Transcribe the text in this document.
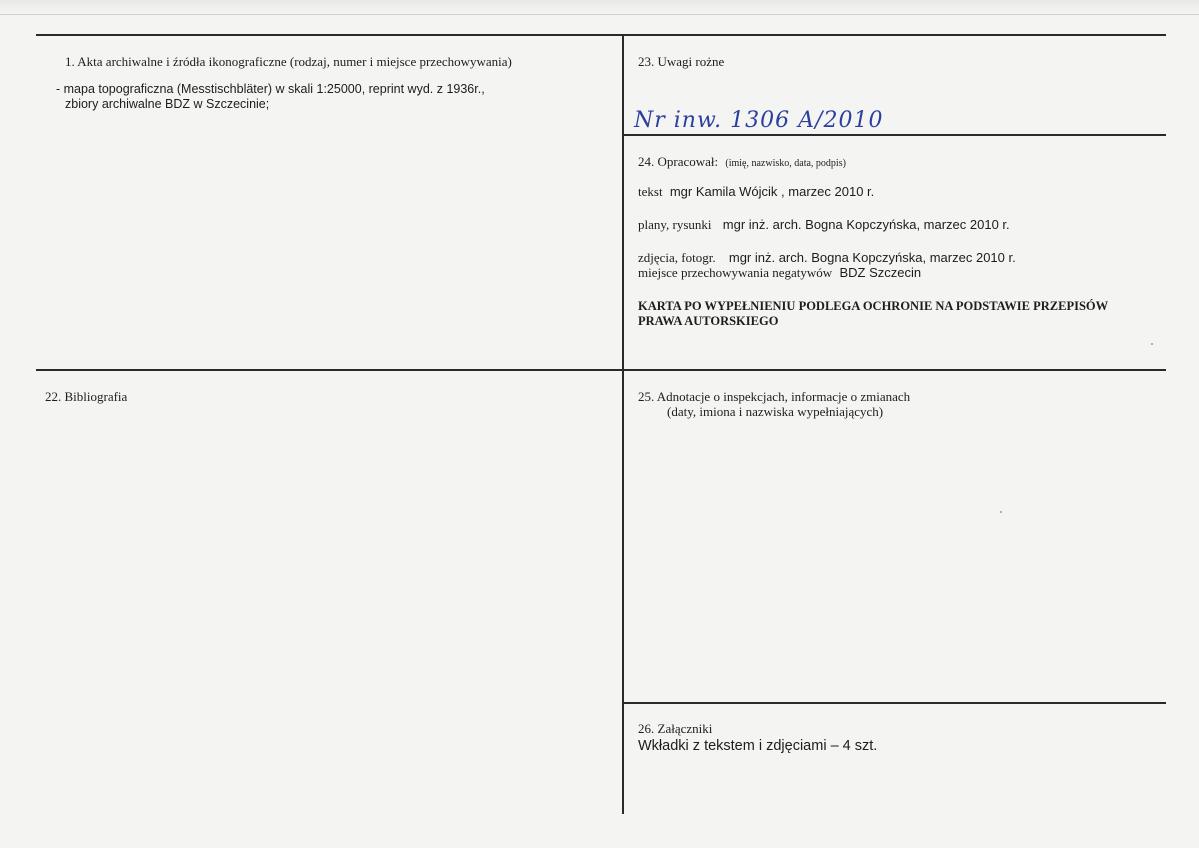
1. Akta archiwalne i źródła ikonograficzne (rodzaj, numer i miejsce przechowywania)
- mapa topograficzna (Messtischbläter) w skali 1:25000, reprint wyd. z 1936r.,
zbiory archiwalne BDZ w Szczecinie;
22. Bibliografia
23. Uwagi rożne
Nr inw. 1306 A/2010
24. Opracował: (imię, nazwisko, data, podpis)
tekst mgr Kamila Wójcik , marzec 2010 r.
plany, rysunki mgr inż. arch. Bogna Kopczyńska, marzec 2010 r.
zdjęcia, fotogr. mgr inż. arch. Bogna Kopczyńska, marzec 2010 r.
miejsce przechowywania negatywów BDZ Szczecin
KARTA PO WYPEŁNIENIU PODLEGA OCHRONIE NA PODSTAWIE PRZEPISÓW
PRAWA AUTORSKIEGO
25. Adnotacje o inspekcjach, informacje o zmianach
(daty, imiona i nazwiska wypełniających)
26. Załączniki
Wkładki z tekstem i zdjęciami – 4 szt.
